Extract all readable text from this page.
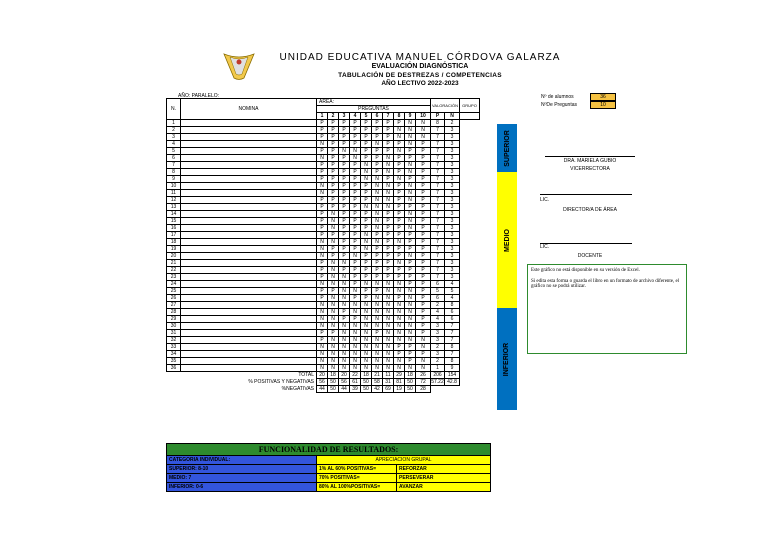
UNIDAD EDUCATIVA MANUEL CÓRDOVA GALARZA
EVALUACIÓN DIAGNÓSTICA
TABULACIÓN DE DESTREZAS / COMPETENCIAS
AÑO LECTIVO 2022-2023
AÑO: PARALELO:
N.	NOMINA	ÁREA:										VALORACIÓN		GRUPO
		PREGUNTAS												
		1	2	3	4	5	6	7	8	9	10	P	N	
1		P	P	P	P	P	P	P	P	N	N	8	2	
2		P	P	P	P	P	P	P	N	N	N	7	3	
3		P	P	P	P	P	P	P	N	N	N	7	3	
4		N	P	P	P	P	N	P	P	N	P	7	3	
5		P	P	N	N	P	P	P	N	P	P	7	3	
6		N	P	P	N	P	P	N	P	P	P	7	3	
7		P	P	P	P	N	P	N	P	N	P	7	3	
8		P	P	P	P	N	P	N	P	N	P	7	3	
9		P	P	P	P	N	N	P	N	P	P	7	3	
10		N	P	P	P	P	N	N	P	N	P	7	3	
11		N	P	P	P	P	N	N	P	N	P	7	3	
12		P	P	P	P	P	N	N	P	N	P	7	3	
13		P	P	P	P	N	N	N	P	P	P	7	3	
14		P	N	P	P	P	N	P	P	N	P	7	3	
15		P	N	P	P	P	N	P	P	N	P	7	3	
16		P	N	P	P	P	N	P	P	N	P	7	3	
17		P	P	P	P	N	P	P	P	P	P	7	3	
18		N	N	P	P	N	N	P	N	P	P	7	3	
19		N	P	P	P	N	P	P	P	P	P	7	3	
20		N	P	P	N	P	P	P	P	N	P	7	3	
21		P	N	N	P	P	P	P	N	P	P	7	3	
22		P	N	P	P	P	P	P	P	P	P	7	3	
23		P	N	N	P	P	P	P	P	P	P	7	3	
24		N	N	N	P	N	N	N	N	P	P	6	4	
25		P	P	N	N	P	P	N	N	N	P	5	5	
26		P	N	N	P	P	N	N	P	N	P	6	4	
27		N	N	N	N	N	N	N	N	N	P	2	8	
28		N	N	P	N	N	N	N	N	N	P	4	6	
29		N	N	P	P	N	N	N	N	N	P	4	6	
30		N	N	N	N	N	N	N	N	N	P	3	7	
31		P	P	N	N	N	P	N	N	N	P	3	7	
32		P	N	N	N	N	N	N	N	N	N	3	7	
33		N	N	N	N	N	N	N	P	P	N	2	8	
34		N	N	N	N	N	N	N	P	P	P	3	7	
35		N	N	N	N	N	N	N	N	P	N	2	8	
36		N	N	N	N	N	N	N	N	N	N	1	9	
TOTAL		20	18	20	22	18	21	11	29	18	26	206	154	
% POSITIVAS Y NEGATIVAS		56	50	56	61	50	58	31	81	50	72	57.22	42.8	
%NEGATIVAS		44	50	44	39	50	42	69	19	50	28			
SUPERIOR
MEDIO
INFERIOR
Nº de alumnos	36
NºDe Preguntas	10
DRA. MARIELA GUBIO
VICERRECTORA
LIC.
DIRECTOR/A DE ÁREA
LIC.
DOCENTE

Este gráfico no está disponible en su versión de Excel.

Si edita esta forma o guarda el libro en un formato de archivo diferente, el gráfico no se podrá utilizar.

FUNCIONALIDAD DE RESULTADOS:		
CATEGORIA INDIVIDUAL:	APRECIACION GRUPAL	
SUPERIOR: 8-10	1% AL 60% POSITIVAS=	REFORZAR
MEDIO: 7	70% POSITIVAS=	PERSEVERAR
INFERIOR: 0-6	80% AL 100%POSITIVAS=	AVANZAR
